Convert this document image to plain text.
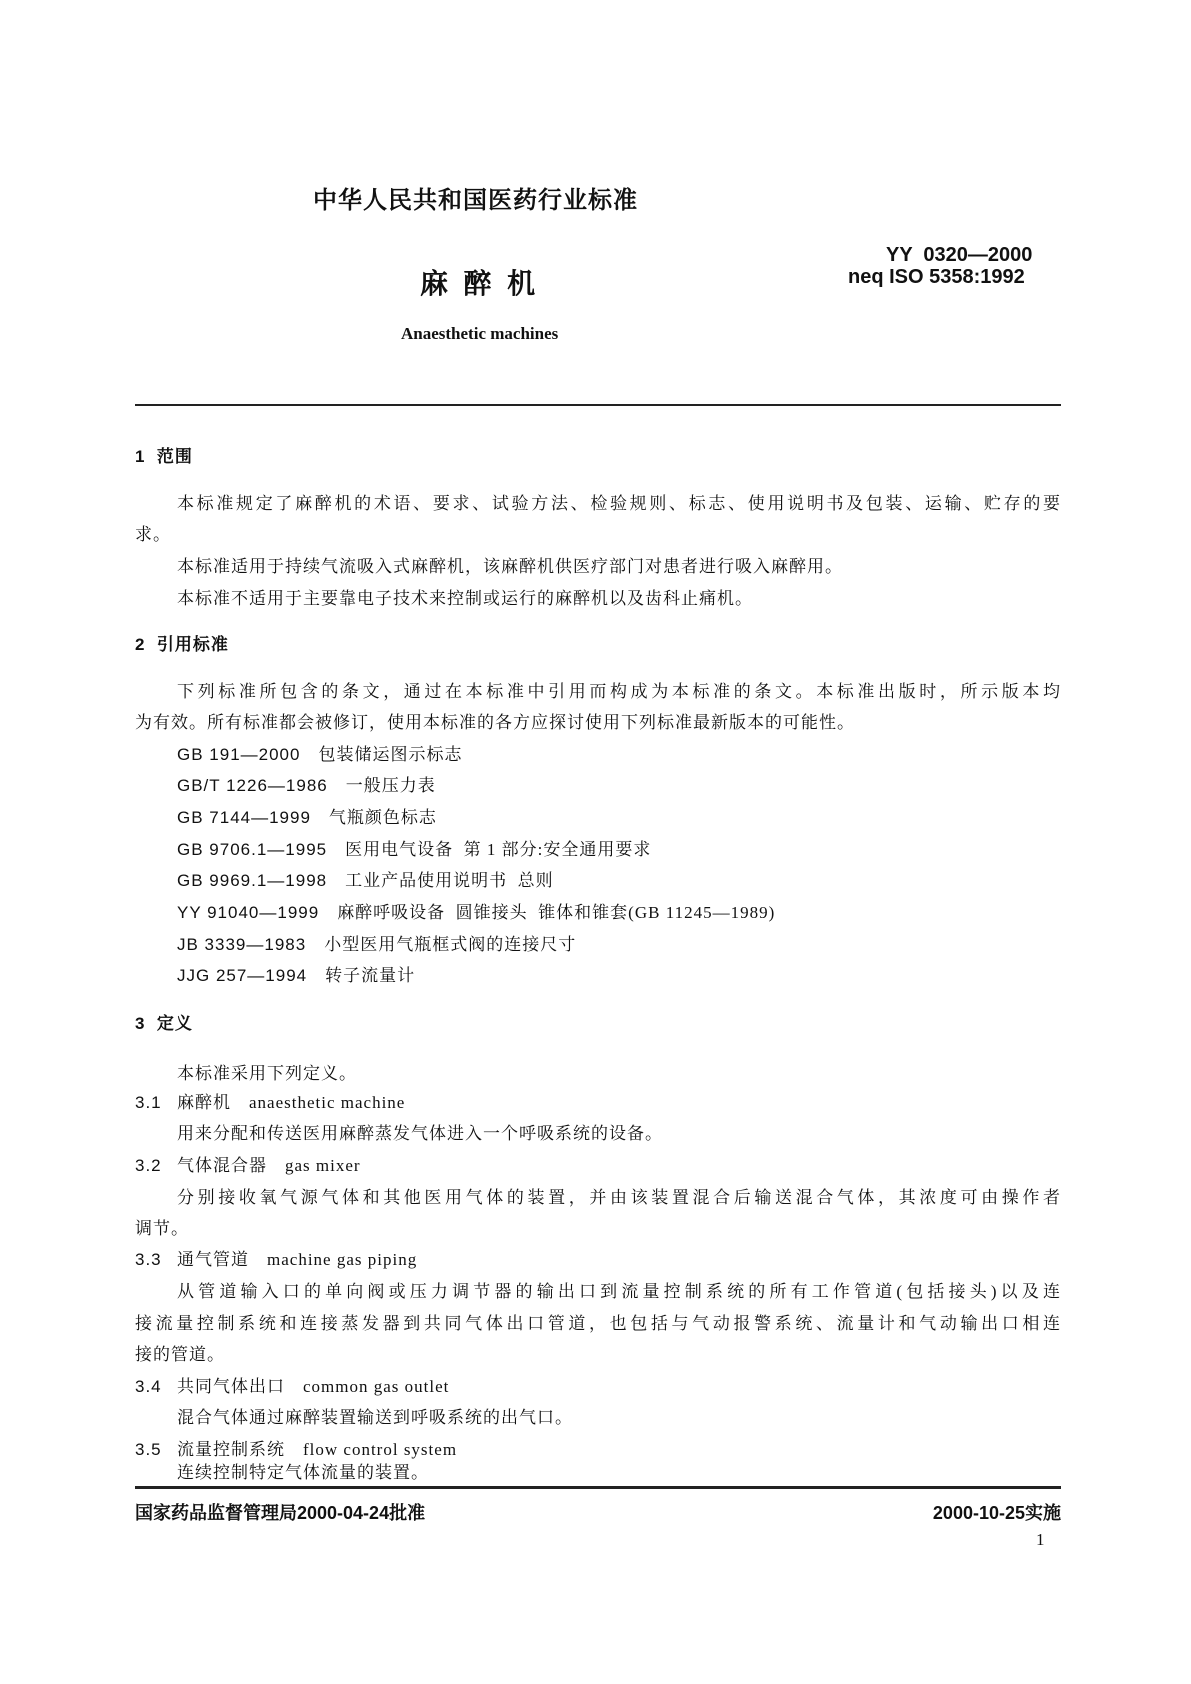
中华人民共和国医药行业标准
麻  醉  机
Anaesthetic machines
YY  0320—2000
neq ISO 5358:1992
1  范围
本标准规定了麻醉机的术语、要求、试验方法、检验规则、标志、使用说明书及包装、运输、贮存的要
求。
本标准适用于持续气流吸入式麻醉机，该麻醉机供医疗部门对患者进行吸入麻醉用。
本标准不适用于主要靠电子技术来控制或运行的麻醉机以及齿科止痛机。
2  引用标准
下列标准所包含的条文，通过在本标准中引用而构成为本标准的条文。本标准出版时，所示版本均
为有效。所有标准都会被修订，使用本标准的各方应探讨使用下列标准最新版本的可能性。
GB 191—2000 包装储运图示标志
GB/T 1226—1986 一般压力表
GB 7144—1999 气瓶颜色标志
GB 9706.1—1995 医用电气设备  第 1 部分:安全通用要求
GB 9969.1—1998 工业产品使用说明书  总则
YY 91040—1999 麻醉呼吸设备  圆锥接头  锥体和锥套(GB 11245—1989)
JB 3339—1983 小型医用气瓶框式阀的连接尺寸
JJG 257—1994 转子流量计
3  定义
本标准采用下列定义。
3.1 麻醉机 anaesthetic machine
用来分配和传送医用麻醉蒸发气体进入一个呼吸系统的设备。
3.2 气体混合器 gas mixer
分别接收氧气源气体和其他医用气体的装置，并由该装置混合后输送混合气体，其浓度可由操作者
调节。
3.3 通气管道 machine gas piping
从管道输入口的单向阀或压力调节器的输出口到流量控制系统的所有工作管道(包括接头)以及连
接流量控制系统和连接蒸发器到共同气体出口管道，也包括与气动报警系统、流量计和气动输出口相连
接的管道。
3.4 共同气体出口 common gas outlet
混合气体通过麻醉装置输送到呼吸系统的出气口。
3.5 流量控制系统 flow control system
连续控制特定气体流量的装置。
国家药品监督管理局2000-04-24批准	2000-10-25实施
1
